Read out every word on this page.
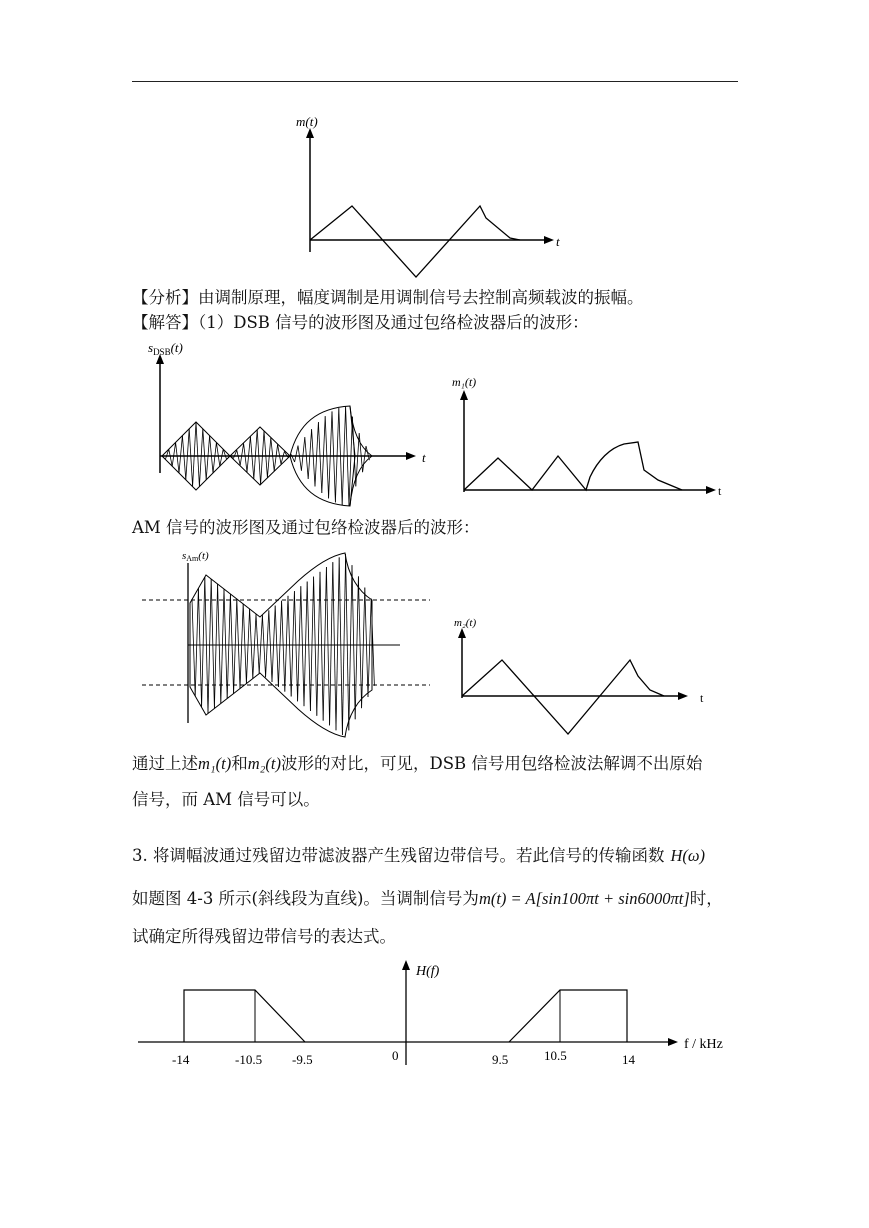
m(t)
t
【分析】由调制原理，幅度调制是用调制信号去控制高频载波的振幅。
【解答】（1）DSB 信号的波形图及通过包络检波器后的波形：
$s_{DSB}(t)$
t
m₁(t)
t
AM 信号的波形图及通过包络检波器后的波形：
sAm(t)
m₂(t)
t
通过上述m₁(t)和m₂(t)波形的对比，可见，DSB 信号用包络检波法解调不出原始
信号，而 AM 信号可以。
3. 将调幅波通过残留边带滤波器产生残留边带信号。若此信号的传输函数 H(ω)
如题图 4-3 所示(斜线段为直线)。当调制信号为m(t) = A[sin100πt + sin6000πt]时，
试确定所得残留边带信号的表达式。
H(f)
f / kHz
-14	-10.5 -9.5	0	9.5	10.5	14
